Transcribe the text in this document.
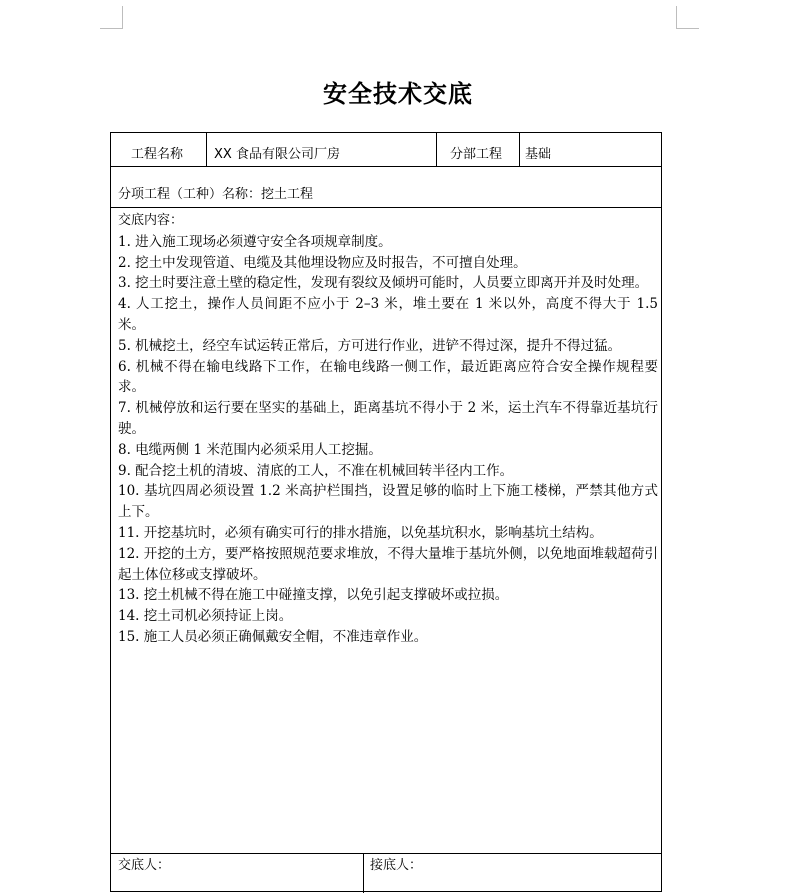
安全技术交底
工程名称 XX 食品有限公司厂房	分部工程 基础
分项工程（工种）名称：挖土工程
交底内容：

1. 进入施工现场必须遵守安全各项规章制度。

2. 挖土中发现管道、电缆及其他埋设物应及时报告，不可擅自处理。

3. 挖土时要注意土壁的稳定性，发现有裂纹及倾坍可能时，人员要立即离开并及时处理。

4. 人工挖土，操作人员间距不应小于 2–3 米，堆土要在 1 米以外，高度不得大于 1.5 米。

5. 机械挖土，经空车试运转正常后，方可进行作业，进铲不得过深，提升不得过猛。

6. 机械不得在输电线路下工作，在输电线路一侧工作，最近距离应符合安全操作规程要求。

7. 机械停放和运行要在坚实的基础上，距离基坑不得小于 2 米，运土汽车不得靠近基坑行驶。

8. 电缆两侧 1 米范围内必须采用人工挖掘。

9. 配合挖土机的清坡、清底的工人，不准在机械回转半径内工作。

10. 基坑四周必须设置 1.2 米高护栏围挡，设置足够的临时上下施工楼梯，严禁其他方式上下。

11. 开挖基坑时，必须有确实可行的排水措施，以免基坑积水，影响基坑土结构。

12. 开挖的土方，要严格按照规范要求堆放，不得大量堆于基坑外侧，以免地面堆载超荷引起土体位移或支撑破坏。

13. 挖土机械不得在施工中碰撞支撑，以免引起支撑破坏或拉损。

14. 挖土司机必须持证上岗。

15. 施工人员必须正确佩戴安全帽，不准违章作业。

交底人：	接底人：
